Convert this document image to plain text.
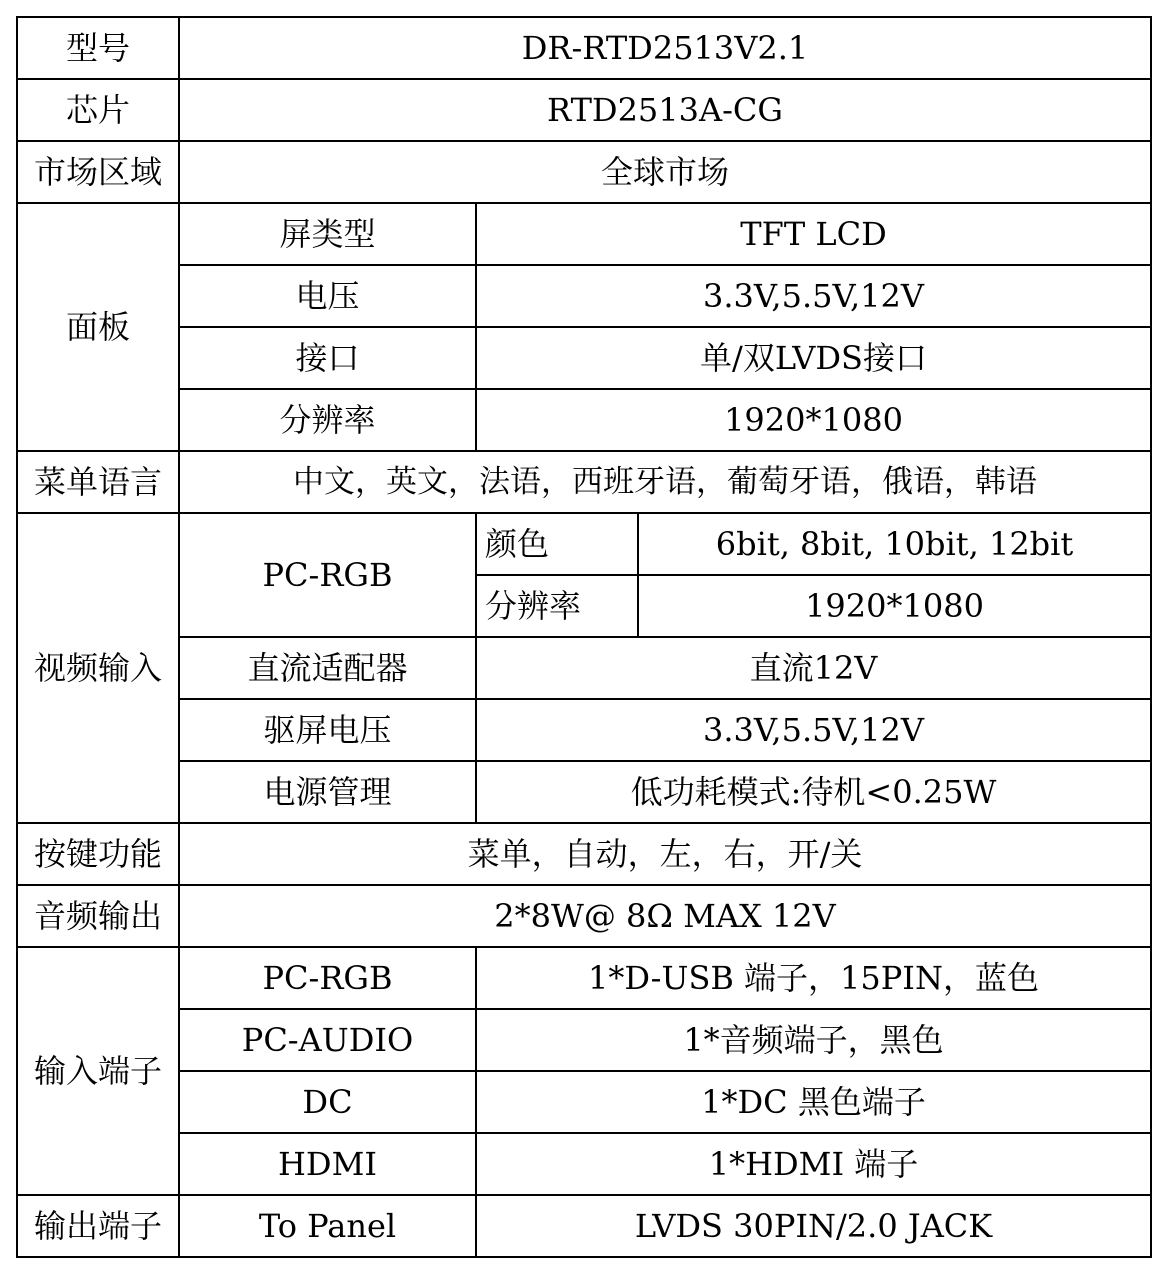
型号	DR-RTD2513V2.1		
芯片	RTD2513A-CG		
市场区域	全球市场		
面板	屏类型	TFT LCD	
	电压	3.3V,5.5V,12V	
	接口	单/双LVDS接口	
	分辨率	1920*1080	
菜单语言	中文，英文，法语，西班牙语，葡萄牙语，俄语，韩语		
视频输入	PC-RGB	颜色	6bit, 8bit, 10bit, 12bit
		分辨率	1920*1080
	直流适配器	直流12V	
	驱屏电压	3.3V,5.5V,12V	
	电源管理	低功耗模式:待机<0.25W	
按键功能	菜单，自动，左，右，开/关		
音频输出	2*8W@ 8Ω MAX 12V		
输入端子	PC-RGB	1*D-USB 端子，15PIN，蓝色	
	PC-AUDIO	1*音频端子，黑色	
	DC	1*DC 黑色端子	
	HDMI	1*HDMI 端子	
输出端子	To Panel	LVDS 30PIN/2.0 JACK	
